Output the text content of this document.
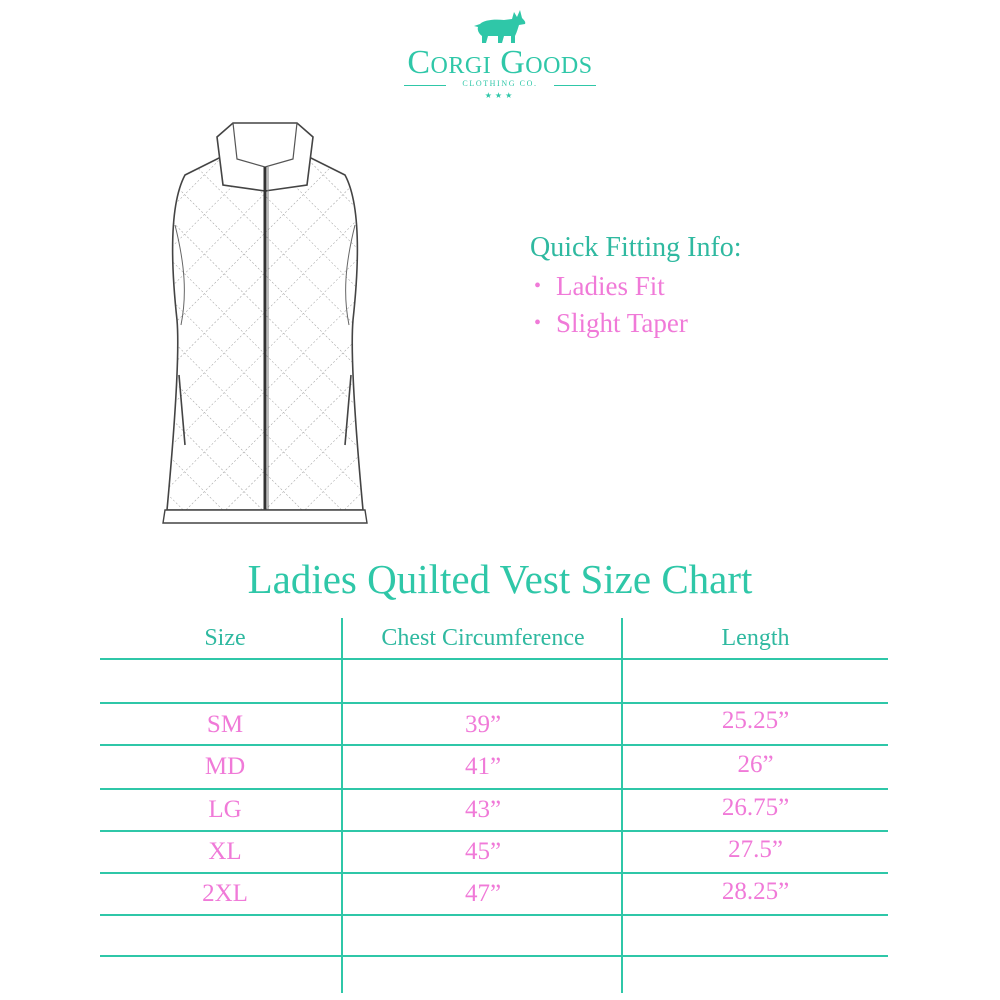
Corgi Goods
CLOTHING CO.
★★★
Quick Fitting Info:
• Ladies Fit
• Slight Taper
Ladies Quilted Vest Size Chart
Size	Chest Circumference	Length
SM	39”	25.25”
MD	41”	26”
LG	43”	26.75”
XL	45”	27.5”
2XL	47”	28.25”
